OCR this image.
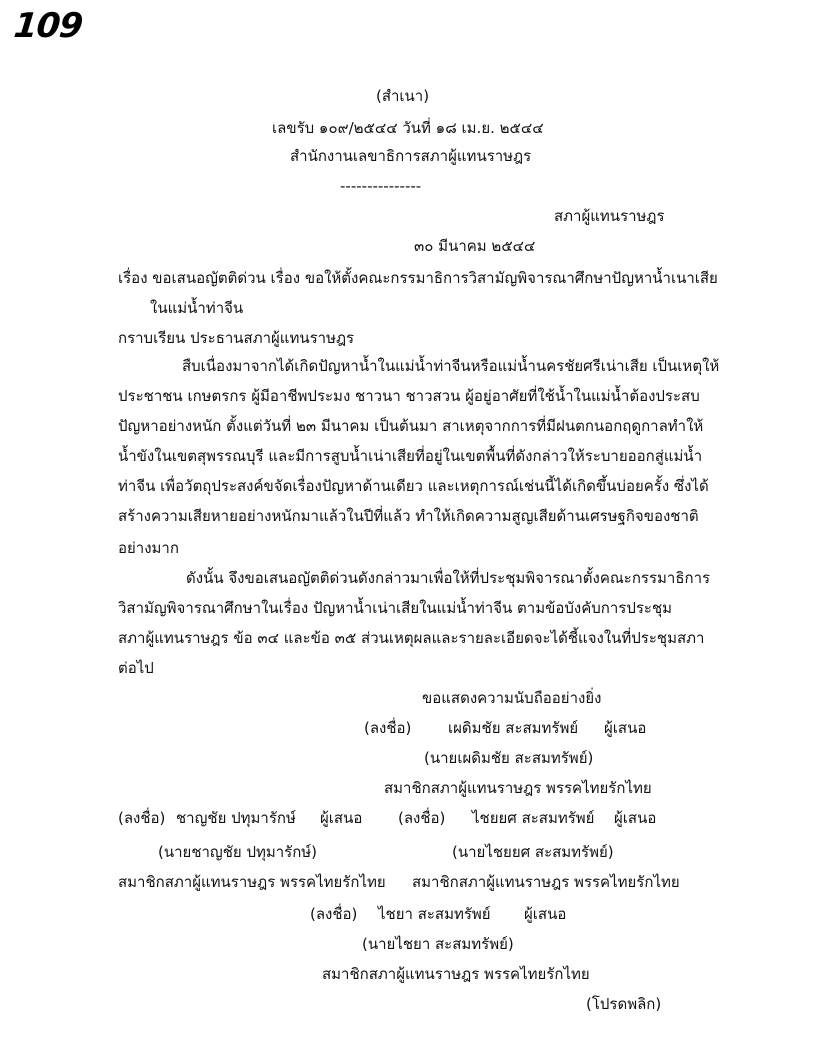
109
(สำเนา)
เลขรับ ๑๐๙/๒๕๔๔ วันที่ ๑๘ เม.ย. ๒๕๔๔
สำนักงานเลขาธิการสภาผู้แทนราษฎร
---------------
สภาผู้แทนราษฎร
๓๐ มีนาคม ๒๕๔๔
เรื่อง ขอเสนอญัตติด่วน เรื่อง ขอให้ตั้งคณะกรรมาธิการวิสามัญพิจารณาศึกษาปัญหาน้ำเนาเสีย
ในแม่น้ำท่าจีน
กราบเรียน ประธานสภาผู้แทนราษฎร
สืบเนื่องมาจากได้เกิดปัญหาน้ำในแม่น้ำท่าจีนหรือแม่น้ำนครชัยศรีเน่าเสีย เป็นเหตุให้
ประชาชน เกษตรกร ผู้มีอาชีพประมง ชาวนา ชาวสวน ผู้อยู่อาศัยที่ใช้น้ำในแม่น้ำต้องประสบ
ปัญหาอย่างหนัก ตั้งแต่วันที่ ๒๓ มีนาคม เป็นต้นมา สาเหตุจากการที่มีฝนตกนอกฤดูกาลทำให้
น้ำขังในเขตสุพรรณบุรี และมีการสูบน้ำเน่าเสียที่อยู่ในเขตพื้นที่ดังกล่าวให้ระบายออกสู่แม่น้ำ
ท่าจีน เพื่อวัตถุประสงค์ขจัดเรื่องปัญหาด้านเดียว และเหตุการณ์เช่นนี้ได้เกิดขึ้นบ่อยครั้ง ซึ่งได้
สร้างความเสียหายอย่างหนักมาแล้วในปีที่แล้ว ทำให้เกิดความสูญเสียด้านเศรษฐกิจของชาติ
อย่างมาก
ดังนั้น จึงขอเสนอญัตติด่วนดังกล่าวมาเพื่อให้ที่ประชุมพิจารณาตั้งคณะกรรมาธิการ
วิสามัญพิจารณาศึกษาในเรื่อง ปัญหาน้ำเน่าเสียในแม่น้ำท่าจีน ตามข้อบังคับการประชุม
สภาผู้แทนราษฎร ข้อ ๓๔ และข้อ ๓๕ ส่วนเหตุผลและรายละเอียดจะได้ชี้แจงในที่ประชุมสภา
ต่อไป
ขอแสดงความนับถืออย่างยิ่ง
(ลงชื่อ) เผดิมชัย สะสมทรัพย์ ผู้เสนอ
(นายเผดิมชัย สะสมทรัพย์)
สมาชิกสภาผู้แทนราษฎร พรรคไทยรักไทย
(ลงชื่อ) ชาญชัย ปทุมารักษ์ ผู้เสนอ (ลงชื่อ) ไชยยศ สะสมทรัพย์ ผู้เสนอ
(นายชาญชัย ปทุมารักษ์)	(นายไชยยศ สะสมทรัพย์)
สมาชิกสภาผู้แทนราษฎร พรรคไทยรักไทย สมาชิกสภาผู้แทนราษฎร พรรคไทยรักไทย
(ลงชื่อ) ไชยา สะสมทรัพย์ ผู้เสนอ
(นายไชยา สะสมทรัพย์)
สมาชิกสภาผู้แทนราษฎร พรรคไทยรักไทย
(โปรดพลิก)
